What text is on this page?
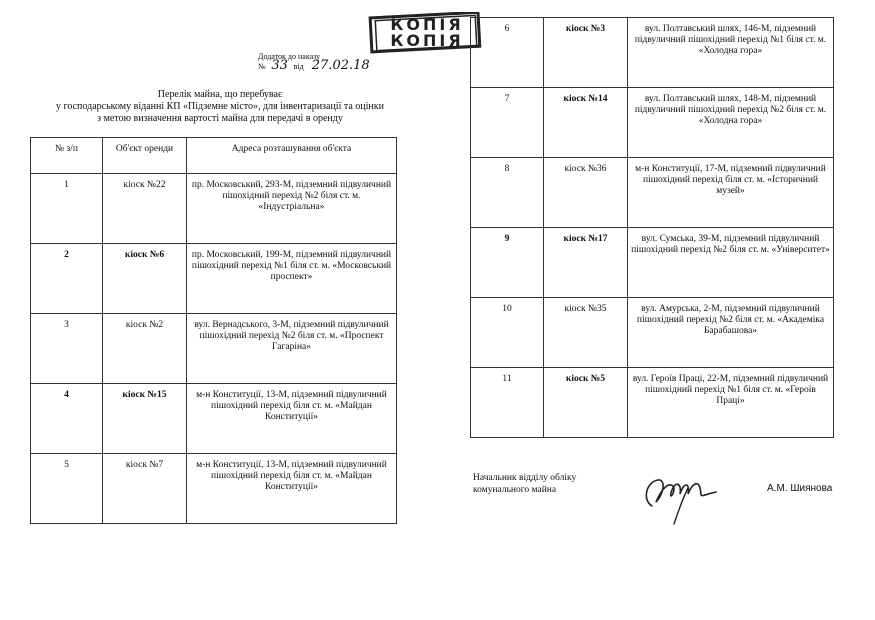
КОПІЯ
КОПІЯ
Додаток до наказу
№ 33 від 27.02.18
Перелік майна, що перебуває
у господарському віданні КП «Підземне місто», для інвентаризації та оцінки
з метою визначення вартості майна для передачі в оренду
№ з/п	Об'єкт оренди	Адреса розташування об'єкта
1	кіоск №22	пр. Московський, 293-М, підземний підвуличний пішохідний перехід №2 біля ст. м. «Індустріальна»
2	кіоск №6	пр. Московський, 199-М, підземний підвуличний пішохідний перехід №1 біля ст. м. «Московський проспект»
3	кіоск №2	вул. Вернадського, 3-М, підземний підвуличний пішохідний перехід №2 біля ст. м. «Проспект Гагаріна»
4	кіоск №15	м-н Конституції, 13-М, підземний підвуличний пішохідний перехід біля ст. м. «Майдан Конституції»
5	кіоск №7	м-н Конституції, 13-М, підземний підвуличний пішохідний перехід біля ст. м. «Майдан Конституції»
6	кіоск №3	вул. Полтавський шлях, 146-М, підземний підвуличний пішохідний перехід №1 біля ст. м. «Холодна гора»
7	кіоск №14	вул. Полтавський шлях, 148-М, підземний підвуличний пішохідний перехід №2 біля ст. м. «Холодна гора»
8	кіоск №36	м-н Конституції, 17-М, підземний підвуличний пішохідний перехід біля ст. м. «Історичний музей»
9	кіоск №17	вул. Сумська, 39-М, підземний підвуличний пішохідний перехід №2 біля ст. м. «Університет»
10	кіоск №35	вул. Амурська, 2-М, підземний підвуличний пішохідний перехід №2 біля ст. м. «Академіка Барабашова»
11	кіоск №5	вул. Героїв Праці, 22-М, підземний підвуличний пішохідний перехід №1 біля ст. м. «Героїв Праці»
Начальник відділу обліку
комунального майна	А.М. Шиянова
